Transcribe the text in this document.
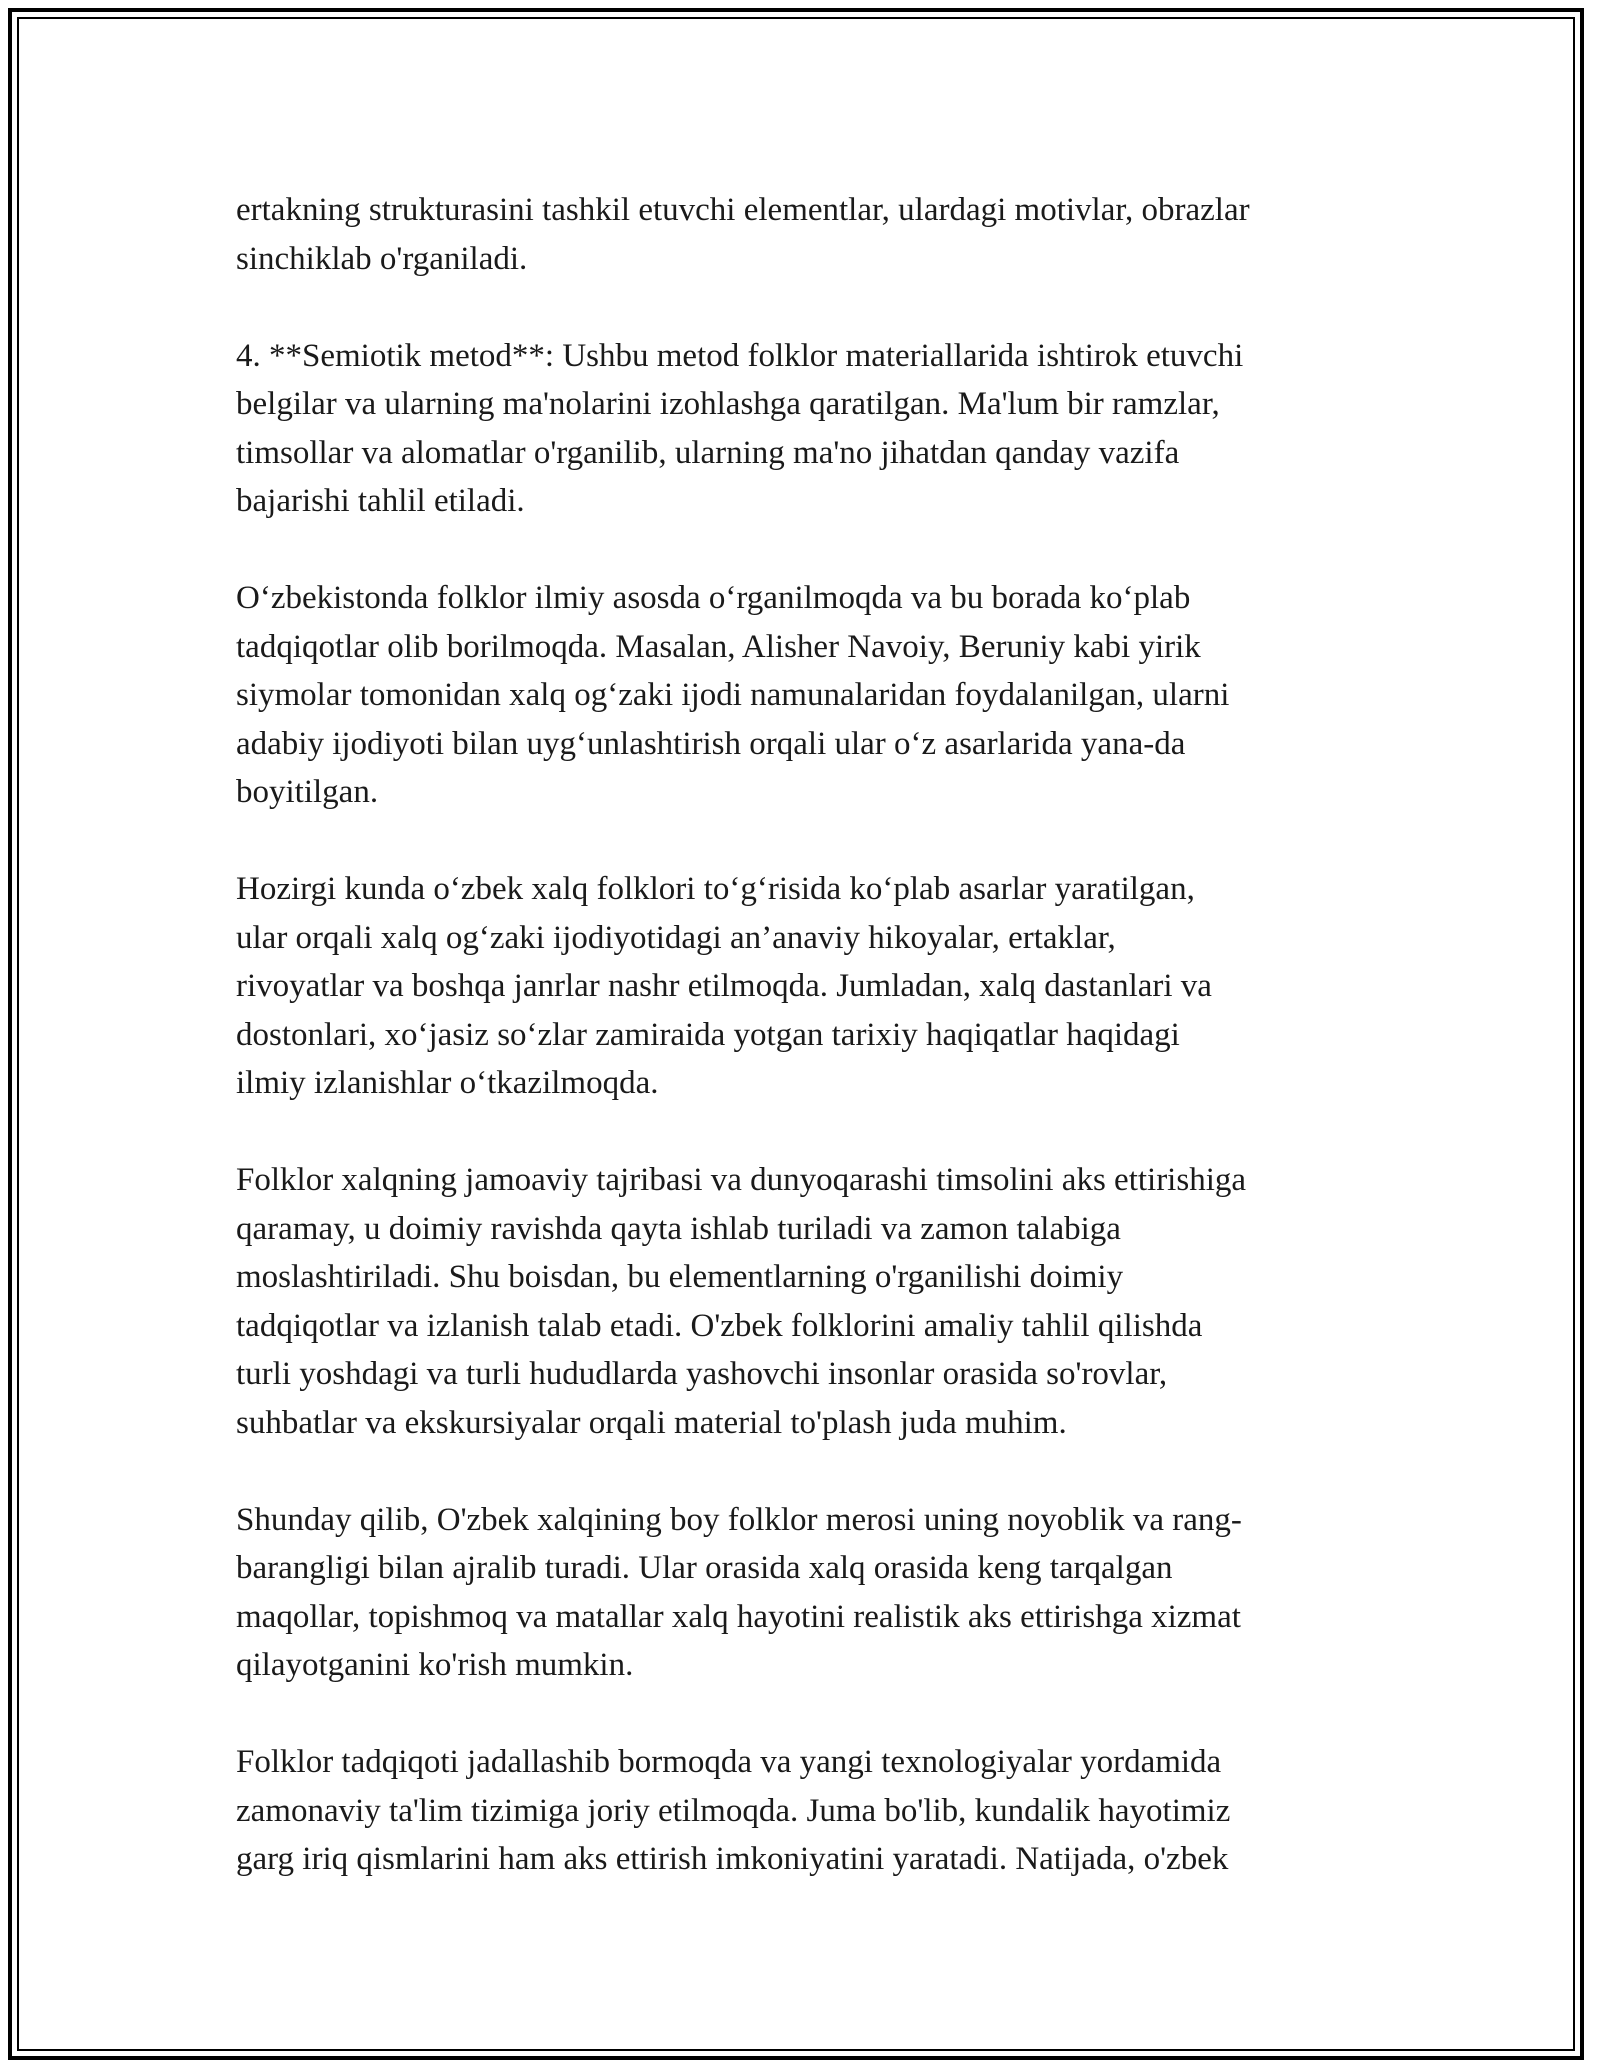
ertakning strukturasini tashkil etuvchi elementlar, ulardagi motivlar, obrazlar
sinchiklab o'rganiladi.

4. **Semiotik metod**: Ushbu metod folklor materiallarida ishtirok etuvchi
belgilar va ularning ma'nolarini izohlashga qaratilgan. Ma'lum bir ramzlar,
timsollar va alomatlar o'rganilib, ularning ma'no jihatdan qanday vazifa
bajarishi tahlil etiladi.

O‘zbekistonda folklor ilmiy asosda o‘rganilmoqda va bu borada ko‘plab
tadqiqotlar olib borilmoqda. Masalan, Alisher Navoiy, Beruniy kabi yirik
siymolar tomonidan xalq og‘zaki ijodi namunalaridan foydalanilgan, ularni
adabiy ijodiyoti bilan uyg‘unlashtirish orqali ular o‘z asarlarida yana-da
boyitilgan.

Hozirgi kunda o‘zbek xalq folklori to‘g‘risida ko‘plab asarlar yaratilgan,
ular orqali xalq og‘zaki ijodiyotidagi an’anaviy hikoyalar, ertaklar,
rivoyatlar va boshqa janrlar nashr etilmoqda. Jumladan, xalq dastanlari va
dostonlari, xo‘jasiz so‘zlar zamiraida yotgan tarixiy haqiqatlar haqidagi
ilmiy izlanishlar o‘tkazilmoqda.

Folklor xalqning jamoaviy tajribasi va dunyoqarashi timsolini aks ettirishiga
qaramay, u doimiy ravishda qayta ishlab turiladi va zamon talabiga
moslashtiriladi. Shu boisdan, bu elementlarning o'rganilishi doimiy
tadqiqotlar va izlanish talab etadi. O'zbek folklorini amaliy tahlil qilishda
turli yoshdagi va turli hududlarda yashovchi insonlar orasida so'rovlar,
suhbatlar va ekskursiyalar orqali material to'plash juda muhim.

Shunday qilib, O'zbek xalqining boy folklor merosi uning noyoblik va rang-
barangligi bilan ajralib turadi. Ular orasida xalq orasida keng tarqalgan
maqollar, topishmoq va matallar xalq hayotini realistik aks ettirishga xizmat
qilayotganini ko'rish mumkin.

Folklor tadqiqoti jadallashib bormoqda va yangi texnologiyalar yordamida
zamonaviy ta'lim tizimiga joriy etilmoqda. Juma bo'lib, kundalik hayotimiz
garg iriq qismlarini ham aks ettirish imkoniyatini yaratadi. Natijada, o'zbek
